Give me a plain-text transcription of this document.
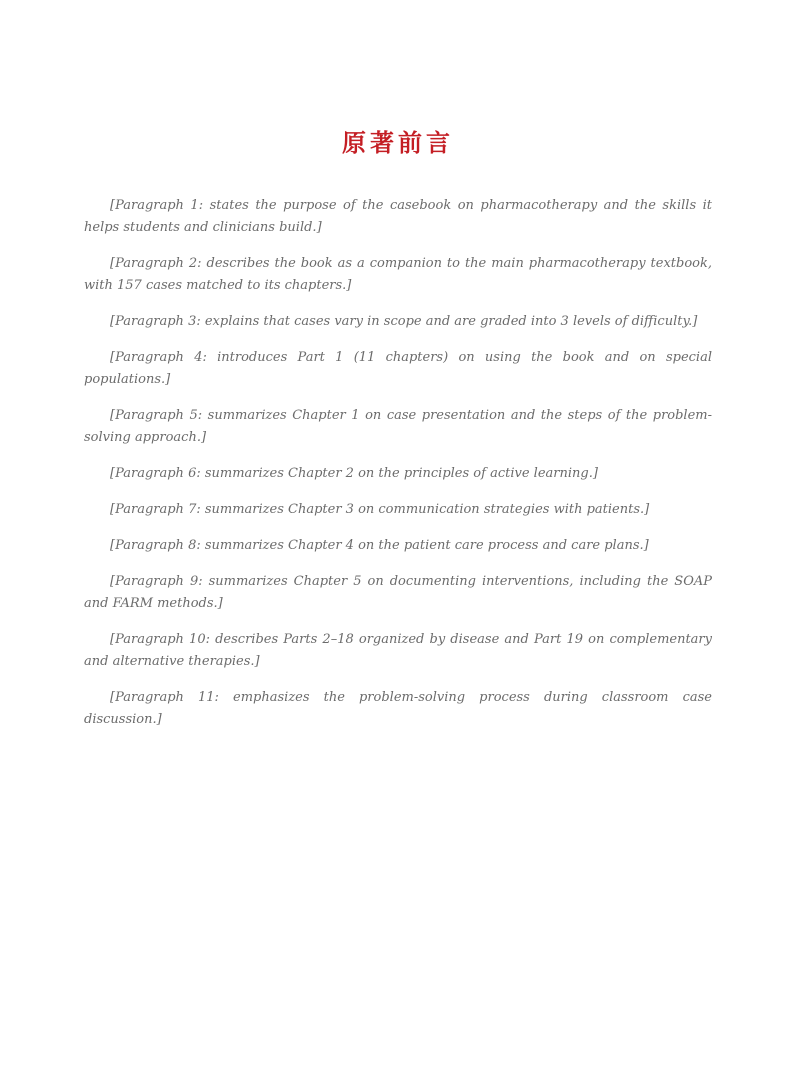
原著前言

[Paragraph 1: states the purpose of the casebook on pharmacotherapy and the skills it helps students and clinicians build.]

[Paragraph 2: describes the book as a companion to the main pharmacotherapy textbook, with 157 cases matched to its chapters.]

[Paragraph 3: explains that cases vary in scope and are graded into 3 levels of difficulty.]

[Paragraph 4: introduces Part 1 (11 chapters) on using the book and on special populations.]

[Paragraph 5: summarizes Chapter 1 on case presentation and the steps of the problem-solving approach.]

[Paragraph 6: summarizes Chapter 2 on the principles of active learning.]

[Paragraph 7: summarizes Chapter 3 on communication strategies with patients.]

[Paragraph 8: summarizes Chapter 4 on the patient care process and care plans.]

[Paragraph 9: summarizes Chapter 5 on documenting interventions, including the SOAP and FARM methods.]

[Paragraph 10: describes Parts 2–18 organized by disease and Part 19 on complementary and alternative therapies.]

[Paragraph 11: emphasizes the problem-solving process during classroom case discussion.]
